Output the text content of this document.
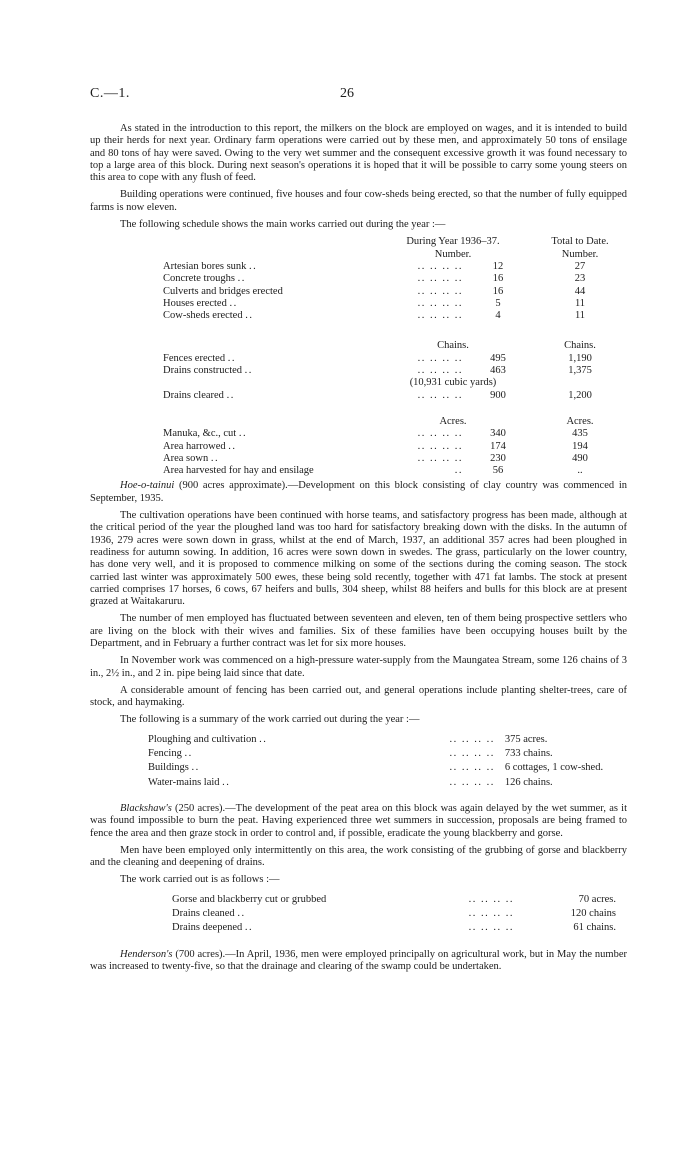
C.—1.	26

As stated in the introduction to this report, the milkers on the block are employed on wages, and it is intended to build up their herds for next year. Ordinary farm operations were carried out by these men, and approximately 50 tons of ensilage and 80 tons of hay were saved. Owing to the very wet summer and the consequent excessive growth it was found necessary to top a large area of this block. During next season's operations it is hoped that it will be possible to carry some young steers on this area to cope with any flush of feed.

Building operations were continued, five houses and four cow-sheds being erected, so that the number of fully equipped farms is now eleven.

The following schedule shows the main works carried out during the year :—

		During Year 1936–37.		Total to Date.
		Number.		Number.
	Artesian bores sunk ..	.. .. .. ..	12	27
	Concrete troughs ..	.. .. .. ..	16	23
	Culverts and bridges erected	.. .. .. ..	16	44
	Houses erected ..	.. .. .. ..	5	11
	Cow-sheds erected ..	.. .. .. ..	4	11

		Chains.		Chains.
	Fences erected ..	.. .. .. ..	495	1,190
	Drains constructed ..	.. .. .. ..	463	1,375
		(10,931 cubic yards)		
	Drains cleared ..	.. .. .. ..	900	1,200

		Acres.		Acres.
	Manuka, &c., cut ..	.. .. .. ..	340	435
	Area harrowed ..	.. .. .. ..	174	194
	Area sown ..	.. .. .. ..	230	490
	Area harvested for hay and ensilage	..	56	..

Hoe-o-tainui (900 acres approximate).—Development on this block consisting of clay country was commenced in September, 1935.

The cultivation operations have been continued with horse teams, and satisfactory progress has been made, although at the critical period of the year the ploughed land was too hard for satisfactory breaking down with the disks. In the autumn of 1936, 279 acres were sown down in grass, whilst at the end of March, 1937, an additional 357 acres had been ploughed in readiness for autumn sowing. In addition, 16 acres were sown down in swedes. The grass, particularly on the lower country, has done very well, and it is proposed to commence milking on some of the sections during the coming season. The stock carried last winter was approximately 500 ewes, these being sold recently, together with 471 fat lambs. The stock at present carried comprises 17 horses, 6 cows, 67 heifers and bulls, 304 sheep, whilst 88 heifers and bulls for this block are at present grazed at Waitakaruru.

The number of men employed has fluctuated between seventeen and eleven, ten of them being prospective settlers who are living on the block with their wives and families. Six of these families have been occupying houses built by the Department, and in February a further contract was let for six more houses.

In November work was commenced on a high-pressure water-supply from the Maungatea Stream, some 126 chains of 3 in., 2½ in., and 2 in. pipe being laid since that date.

A considerable amount of fencing has been carried out, and general operations include planting shelter-trees, care of stock, and haymaking.

The following is a summary of the work carried out during the year :—

Ploughing and cultivation ..	.. .. .. ..	375 acres.
Fencing ..	.. .. .. ..	733 chains.
Buildings ..	.. .. .. ..	6 cottages, 1 cow-shed.
Water-mains laid ..	.. .. .. ..	126 chains.

Blackshaw's (250 acres).—The development of the peat area on this block was again delayed by the wet summer, as it was found impossible to burn the peat. Having experienced three wet summers in succession, proposals are being framed to fence the area and then graze stock in order to control and, if possible, eradicate the young blackberry and gorse.

Men have been employed only intermittently on this area, the work consisting of the grubbing of gorse and blackberry and the cleaning and deepening of drains.

The work carried out is as follows :—

Gorse and blackberry cut or grubbed	.. .. .. ..	70 acres.
Drains cleaned ..	.. .. .. ..	120 chains
Drains deepened ..	.. .. .. ..	61 chains.

Henderson's (700 acres).—In April, 1936, men were employed principally on agricultural work, but in May the number was increased to twenty-five, so that the drainage and clearing of the swamp could be undertaken.
